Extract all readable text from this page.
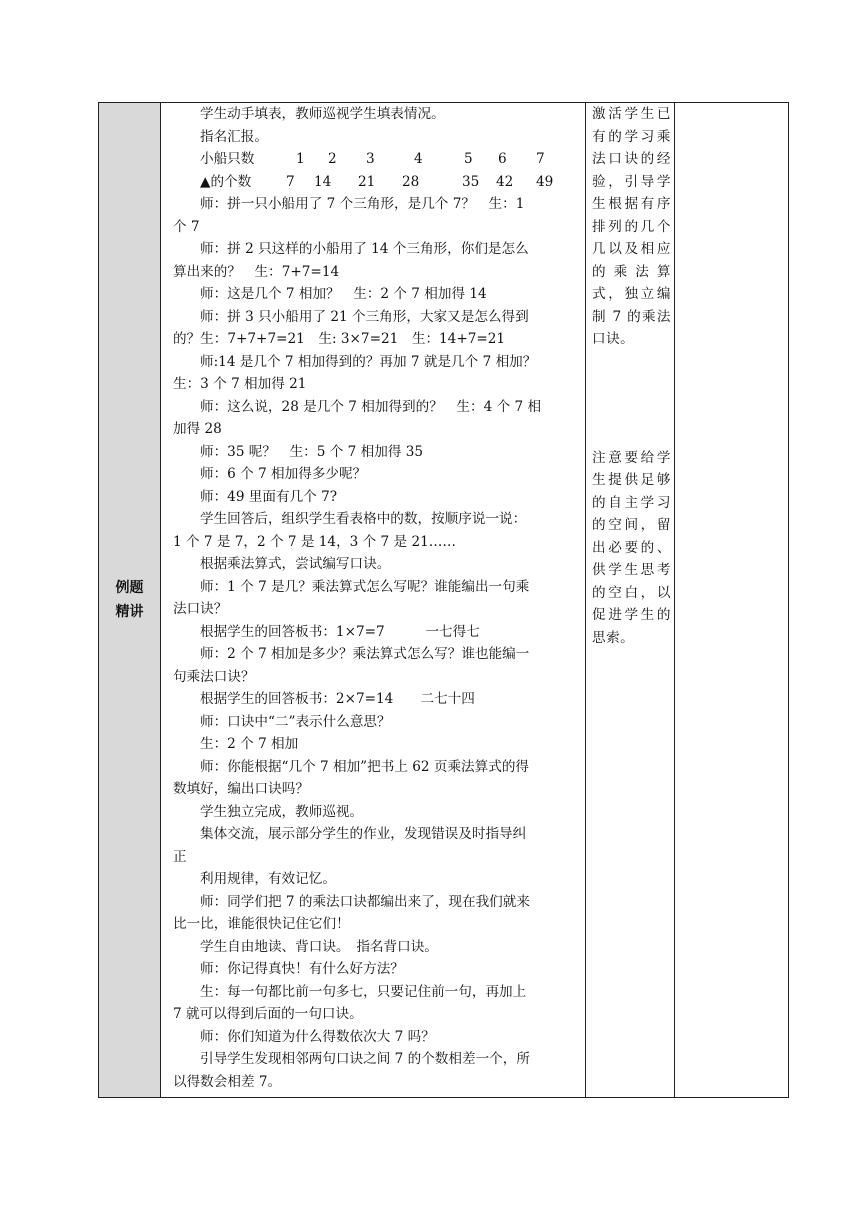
例题
精讲

学生动手填表，教师巡视学生填表情况。
指名汇报。
小船只数	1 2 3	4	5 6 7
▲的个数	7 14 21 28	35 42 49
师：拼一只小船用了 7 个三角形，是几个 7？　生：1
个 7
师：拼 2 只这样的小船用了 14 个三角形，你们是怎么
算出来的？　生：7+7=14
师：这是几个 7 相加？　生：2 个 7 相加得 14
师：拼 3 只小船用了 21 个三角形，大家又是怎么得到
的？生：7+7+7=21　生: 3×7=21　生：14+7=21
师:14 是几个 7 相加得到的？再加 7 就是几个 7 相加？
生：3 个 7 相加得 21
师：这么说，28 是几个 7 相加得到的？　生：4 个 7 相
加得 28
师：35 呢？　生：5 个 7 相加得 35
师：6 个 7 相加得多少呢？
师：49 里面有几个 7?
学生回答后，组织学生看表格中的数，按顺序说一说：
1 个 7 是 7，2 个 7 是 14，3 个 7 是 21……
根据乘法算式，尝试编写口诀。
师：1 个 7 是几？乘法算式怎么写呢？谁能编出一句乘
法口诀？
根据学生的回答板书：1×7=7　　　一七得七
师：2 个 7 相加是多少？乘法算式怎么写？谁也能编一
句乘法口诀？
根据学生的回答板书：2×7=14　　二七十四
师：口诀中“二”表示什么意思？
生：2 个 7 相加
师：你能根据“几个 7 相加”把书上 62 页乘法算式的得
数填好，编出口诀吗？
学生独立完成，教师巡视。
集体交流，展示部分学生的作业，发现错误及时指导纠
正
利用规律，有效记忆。
师：同学们把 7 的乘法口诀都编出来了，现在我们就来
比一比，谁能很快记住它们！
学生自由地读、背口诀。　指名背口诀。
师：你记得真快！有什么好方法？
生：每一句都比前一句多七，只要记住前一句，再加上
7 就可以得到后面的一句口诀。
师：你们知道为什么得数依次大 7 吗？
引导学生发现相邻两句口诀之间 7 的个数相差一个，所
以得数会相差 7。

激活学生已有的学习乘法口诀的经验，引导学生根据有序排列的几个几以及相应的乘法算式，独立编制 7 的乘法口诀。

注意要给学生提供足够的自主学习的空间，留出必要的、供学生思考的空白，以促进学生的思索。
